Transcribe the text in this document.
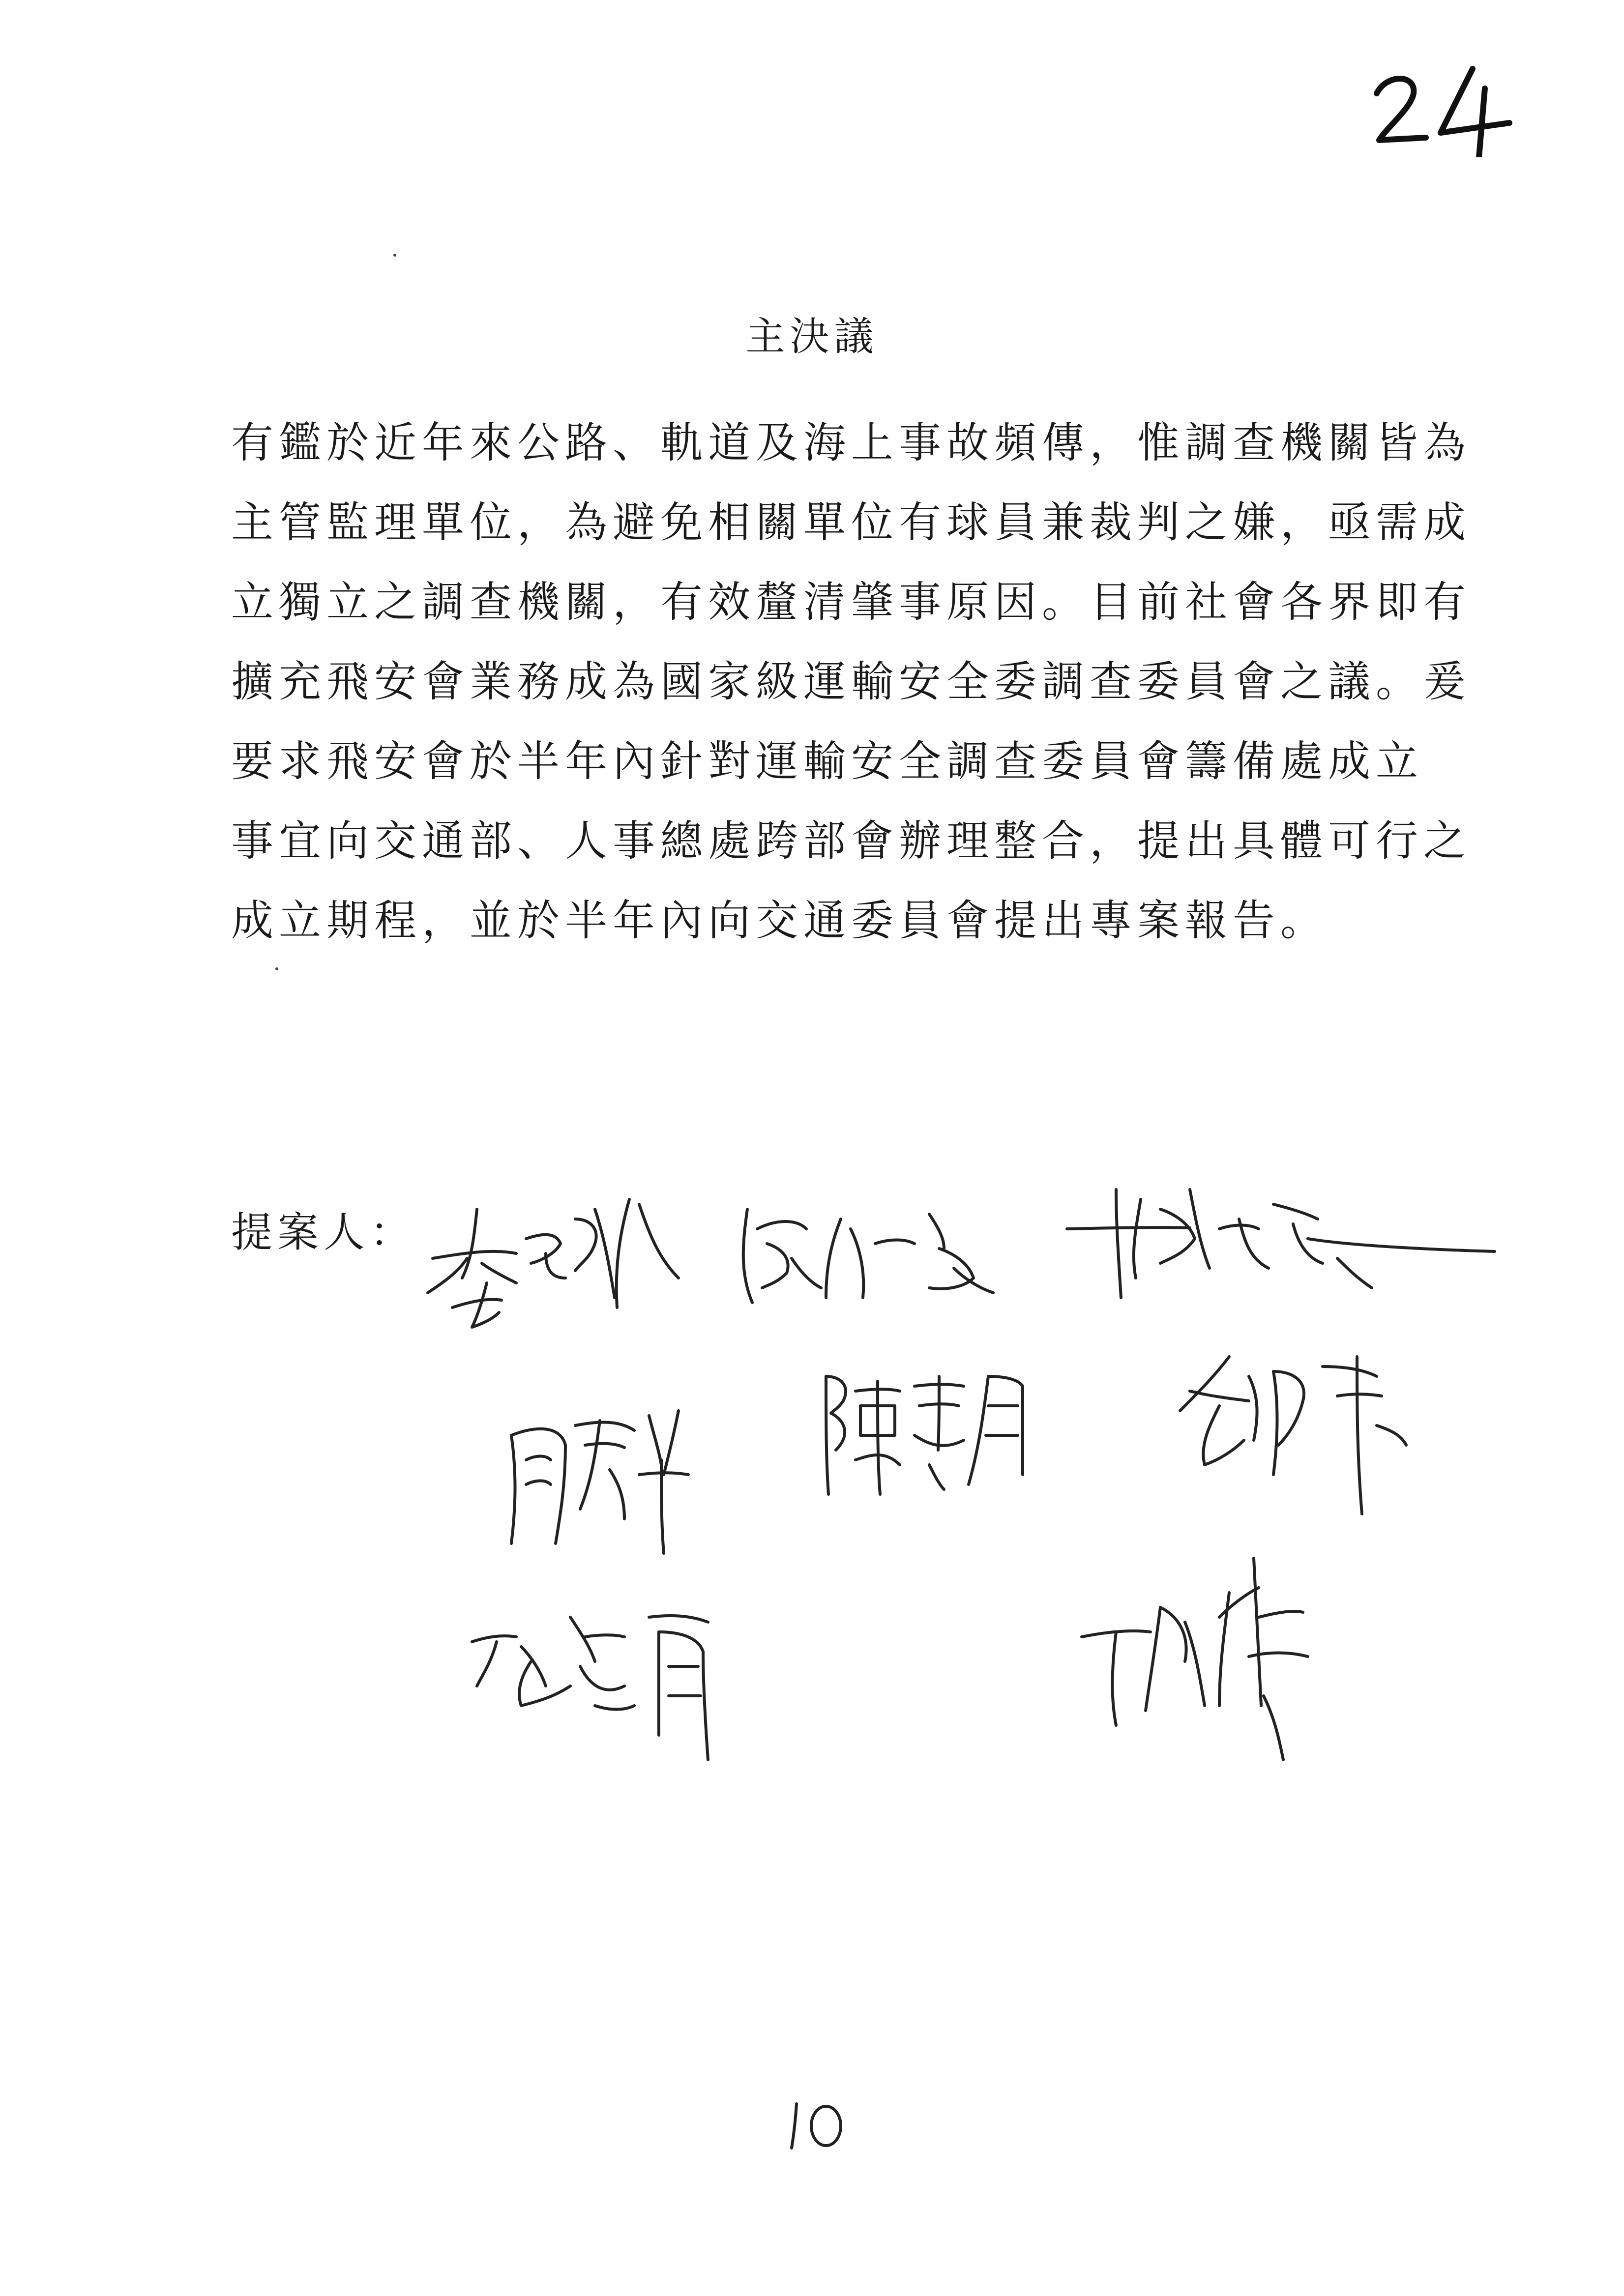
主決議
有鑑於近年來公路、軌道及海上事故頻傳，惟調查機關皆為
主管監理單位，為避免相關單位有球員兼裁判之嫌，亟需成
立獨立之調查機關，有效釐清肇事原因。目前社會各界即有
擴充飛安會業務成為國家級運輸安全委調查委員會之議。爰
要求飛安會於半年內針對運輸安全調查委員會籌備處成立
事宜向交通部、人事總處跨部會辦理整合，提出具體可行之
成立期程，並於半年內向交通委員會提出專案報告。
提案人：
